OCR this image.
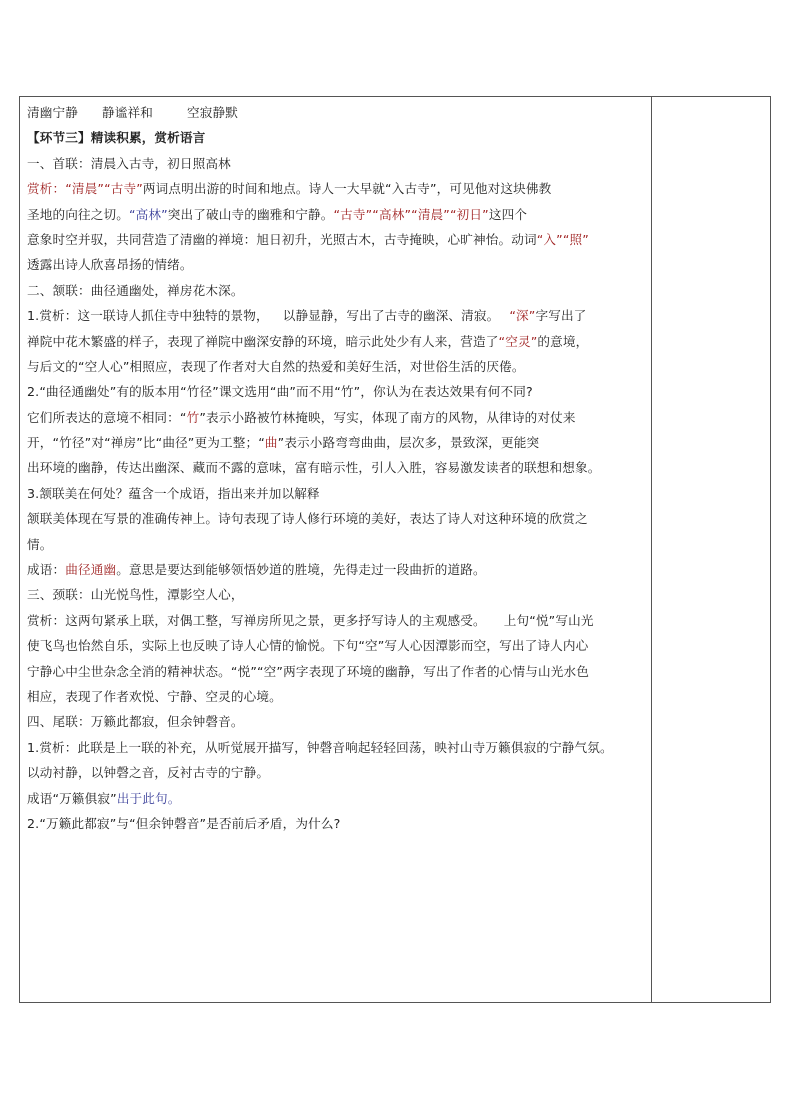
清幽宁静 静谧祥和	空寂静默
【环节三】精读积累，赏析语言
一、首联：清晨入古寺，初日照高林
赏析：“清晨”“古寺”两词点明出游的时间和地点。诗人一大早就“入古寺”，可见他对这块佛教
圣地的向往之切。“高林”突出了破山寺的幽雅和宁静。“古寺”“高林”“清晨”“初日”这四个
意象时空并驭，共同营造了清幽的禅境：旭日初升，光照古木，古寺掩映，心旷神怡。动词“入”“照”
透露出诗人欣喜昂扬的情绪。
二、颔联：曲径通幽处，禅房花木深。
1.赏析：这一联诗人抓住寺中独特的景物， 以静显静，写出了古寺的幽深、清寂。 “深”字写出了
禅院中花木繁盛的样子，表现了禅院中幽深安静的环境，暗示此处少有人来，营造了“空灵”的意境，
与后文的“空人心”相照应，表现了作者对大自然的热爱和美好生活，对世俗生活的厌倦。
2.“曲径通幽处”有的版本用“竹径”课文选用“曲”而不用“竹”，你认为在表达效果有何不同?
它们所表达的意境不相同：“竹”表示小路被竹林掩映，写实，体现了南方的风物，从律诗的对仗来
开，“竹径”对“禅房”比“曲径”更为工整；“曲”表示小路弯弯曲曲，层次多，景致深，更能突
出环境的幽静，传达出幽深、藏而不露的意味，富有暗示性，引人入胜，容易激发读者的联想和想象。
3.颔联美在何处？蕴含一个成语，指出来并加以解释
颔联美体现在写景的准确传神上。诗句表现了诗人修行环境的美好，表达了诗人对这种环境的欣赏之
情。
成语：曲径通幽。意思是要达到能够领悟妙道的胜境，先得走过一段曲折的道路。
三、颈联：山光悦鸟性，潭影空人心，
赏析：这两句紧承上联，对偶工整，写禅房所见之景，更多抒写诗人的主观感受。 上句“悦”写山光
使飞鸟也怡然自乐，实际上也反映了诗人心情的愉悦。下句“空”写人心因潭影而空，写出了诗人内心
宁静心中尘世杂念全消的精神状态。“悦”“空”两字表现了环境的幽静，写出了作者的心情与山光水色
相应，表现了作者欢悦、宁静、空灵的心境。
四、尾联：万籁此都寂，但余钟磬音。
1.赏析：此联是上一联的补充，从听觉展开描写，钟磬音响起轻轻回荡，映衬山寺万籁俱寂的宁静气氛。
以动衬静，以钟磬之音，反衬古寺的宁静。
成语“万籁俱寂”出于此句。
2.“万籁此都寂”与“但余钟磬音”是否前后矛盾，为什么?
